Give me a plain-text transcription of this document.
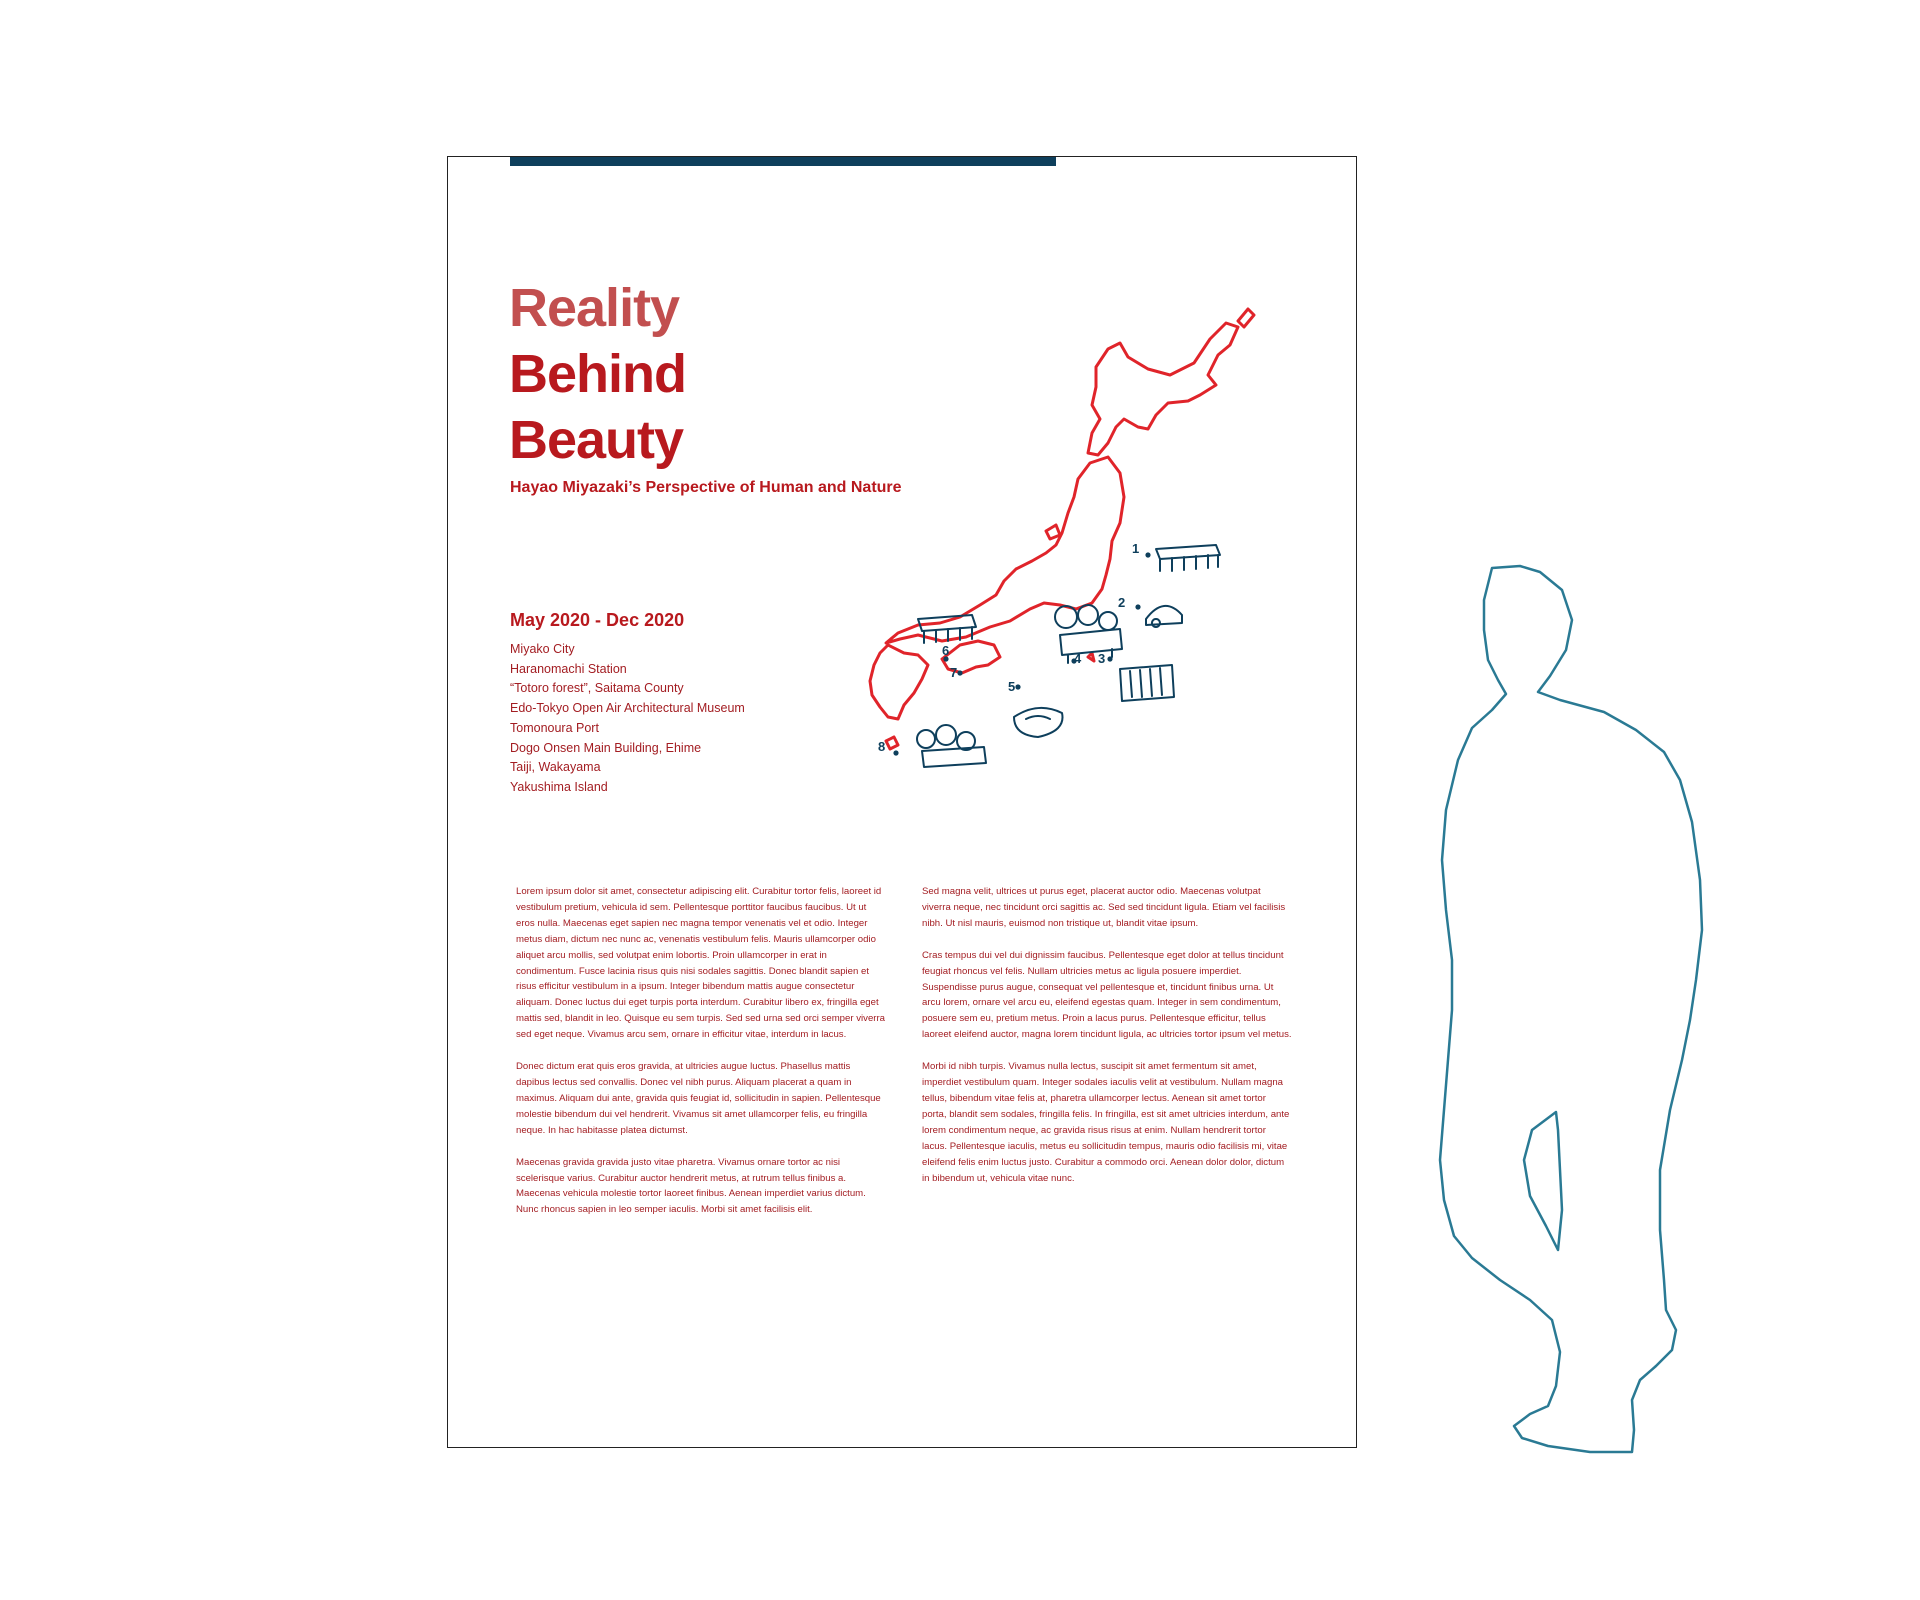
Reality
Behind
Beauty

Hayao Miyazaki’s Perspective of Human and Nature

May 2020 - Dec 2020

Miyako City
Haranomachi Station
“Totoro forest”, Saitama County
Edo-Tokyo Open Air Architectural Museum
Tomonoura Port
Dogo Onsen Main Building, Ehime
Taiji, Wakayama
Yakushima Island
1
2
3
4
5
6
7
8

Lorem ipsum dolor sit amet, consectetur adipiscing elit. Curabitur tortor felis, laoreet id vestibulum pretium, vehicula id sem. Pellentesque porttitor faucibus faucibus. Ut ut eros nulla. Maecenas eget sapien nec magna tempor venenatis vel et odio. Integer metus diam, dictum nec nunc ac, venenatis vestibulum felis. Mauris ullamcorper odio aliquet arcu mollis, sed volutpat enim lobortis. Proin ullamcorper in erat in condimentum. Fusce lacinia risus quis nisi sodales sagittis. Donec blandit sapien et risus efficitur vestibulum in a ipsum. Integer bibendum mattis augue consectetur aliquam. Donec luctus dui eget turpis porta interdum. Curabitur libero ex, fringilla eget mattis sed, blandit in leo. Quisque eu sem turpis. Sed sed urna sed orci semper viverra sed eget neque. Vivamus arcu sem, ornare in efficitur vitae, interdum in lacus.

Donec dictum erat quis eros gravida, at ultricies augue luctus. Phasellus mattis dapibus lectus sed convallis. Donec vel nibh purus. Aliquam placerat a quam in maximus. Aliquam dui ante, gravida quis feugiat id, sollicitudin in sapien. Pellentesque molestie bibendum dui vel hendrerit. Vivamus sit amet ullamcorper felis, eu fringilla neque. In hac habitasse platea dictumst.

Maecenas gravida gravida justo vitae pharetra. Vivamus ornare tortor ac nisi scelerisque varius. Curabitur auctor hendrerit metus, at rutrum tellus finibus a. Maecenas vehicula molestie tortor laoreet finibus. Aenean imperdiet varius dictum. Nunc rhoncus sapien in leo semper iaculis. Morbi sit amet facilisis elit.

Sed magna velit, ultrices ut purus eget, placerat auctor odio. Maecenas volutpat viverra neque, nec tincidunt orci sagittis ac. Sed sed tincidunt ligula. Etiam vel facilisis nibh. Ut nisl mauris, euismod non tristique ut, blandit vitae ipsum.

Cras tempus dui vel dui dignissim faucibus. Pellentesque eget dolor at tellus tincidunt feugiat rhoncus vel felis. Nullam ultricies metus ac ligula posuere imperdiet. Suspendisse purus augue, consequat vel pellentesque et, tincidunt finibus urna. Ut arcu lorem, ornare vel arcu eu, eleifend egestas quam. Integer in sem condimentum, posuere sem eu, pretium metus. Proin a lacus purus. Pellentesque efficitur, tellus laoreet eleifend auctor, magna lorem tincidunt ligula, ac ultricies tortor ipsum vel metus.

Morbi id nibh turpis. Vivamus nulla lectus, suscipit sit amet fermentum sit amet, imperdiet vestibulum quam. Integer sodales iaculis velit at vestibulum. Nullam magna tellus, bibendum vitae felis at, pharetra ullamcorper lectus. Aenean sit amet tortor porta, blandit sem sodales, fringilla felis. In fringilla, est sit amet ultricies interdum, ante lorem condimentum neque, ac gravida risus risus at enim. Nullam hendrerit tortor lacus. Pellentesque iaculis, metus eu sollicitudin tempus, mauris odio facilisis mi, vitae eleifend felis enim luctus justo. Curabitur a commodo orci. Aenean dolor dolor, dictum in bibendum ut, vehicula vitae nunc.
